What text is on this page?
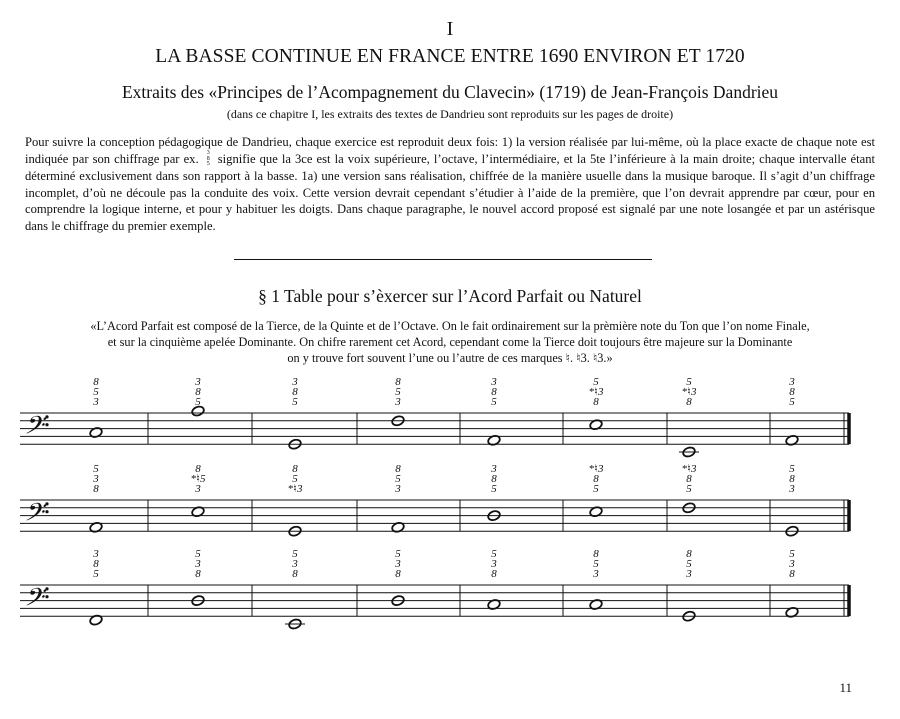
I
LA BASSE CONTINUE EN FRANCE ENTRE 1690 ENVIRON ET 1720
Extraits des «Principes de l’Acompagnement du Clavecin» (1719) de Jean-François Dandrieu
(dans ce chapitre I, les extraits des textes de Dandrieu sont reproduits sur les pages de droite)

Pour suivre la conception pédagogique de Dandrieu, chaque exercice est reproduit deux fois: 1) la version réalisée par lui-même, où la place exacte de chaque note est indiquée par son chiffrage par ex.	3
8
5 signifie que la 3ce est la voix supérieure, l’octave, l’intermédiaire, et la 5te l’inférieure à la main droite; chaque intervalle étant déterminé exclusivement dans son rapport à la basse. 1a) une version sans réalisation, chiffrée de la manière usuelle dans la musique baroque. Il s’agit d’un chiffrage incomplet, d’où ne découle pas la conduite des voix. Cette version devrait cependant s’étudier à l’aide de la première, que l’on devrait apprendre par cœur, pour en comprendre la logique interne, et pour y habituer les doigts. Dans chaque paragraphe, le nouvel accord proposé est signalé par une note losangée et par un astérisque dans le chiffrage du premier exemple.

§ 1 Table pour s’èxercer sur l’Acord Parfait ou Naturel
«L’Acord Parfait est composé de la Tierce, de la Quinte et de l’Octave. On le fait ordinairement sur la prèmière note du Ton que l’on nome Finale,
et sur la cinquième apelée Dominante. On chifre rarement cet Acord, cependant come la Tierce doit toujours être majeure sur la Dominante
on y trouve fort souvent l’une ou l’autre de ces marques ♮. ♮3. ♮3.»
𝄢
8
5
3
3
8
5
3
8
5
8
5
3
3
8
5
5
*♮3
8
5
*♮3
8
3
8
5
𝄢
5
3
8
8
*♮5
3
8
5
*♮3
8
5
3
3
8
5
*♮3
8
5
*♮3
8
5
5
8
3
𝄢
3
8
5
5
3
8
5
3
8
5
3
8
5
3
8
8
5
3
8
5
3
5
3
8
11
